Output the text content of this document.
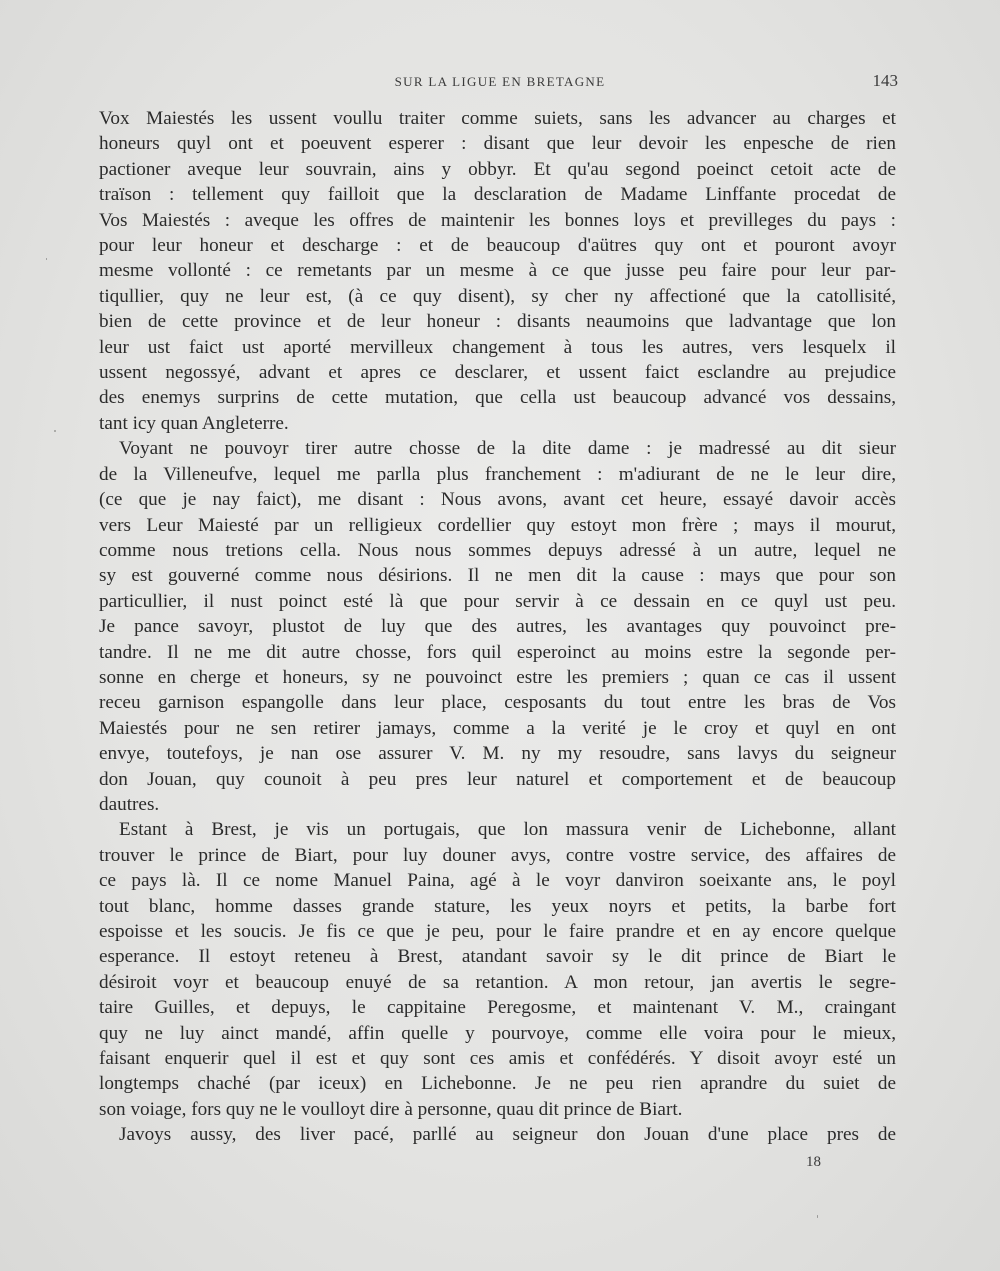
SUR LA LIGUE EN BRETAGNE	143

Vox Maiestés les ussent voullu traiter comme suiets, sans les advancer au charges et
honeurs quyl ont et poeuvent esperer : disant que leur devoir les enpesche de rien
pactioner aveque leur souvrain, ains y obbyr. Et qu'au segond poeinct cetoit acte de
traïson : tellement quy failloit que la desclaration de Madame Linffante procedat de
Vos Maiestés : aveque les offres de maintenir les bonnes loys et previlleges du pays :
pour leur honeur et descharge : et de beaucoup d'aütres quy ont et pouront avoyr
mesme vollonté : ce remetants par un mesme à ce que jusse peu faire pour leur par-
tiqullier, quy ne leur est, (à ce quy disent), sy cher ny affectioné que la catollisité,
bien de cette province et de leur honeur : disants neaumoins que ladvantage que lon
leur ust faict ust aporté mervilleux changement à tous les autres, vers lesquelx il
ussent negossyé, advant et apres ce desclarer, et ussent faict esclandre au prejudice
des enemys surprins de cette mutation, que cella ust beaucoup advancé vos dessains,
tant icy quan Angleterre.

Voyant ne pouvoyr tirer autre chosse de la dite dame : je madressé au dit sieur
de la Villeneufve, lequel me parlla plus franchement : m'adiurant de ne le leur dire,
(ce que je nay faict), me disant : Nous avons, avant cet heure, essayé davoir accès
vers Leur Maiesté par un relligieux cordellier quy estoyt mon frère ; mays il mourut,
comme nous tretions cella. Nous nous sommes depuys adressé à un autre, lequel ne
sy est gouverné comme nous désirions. Il ne men dit la cause : mays que pour son
particullier, il nust poinct esté là que pour servir à ce dessain en ce quyl ust peu.
Je pance savoyr, plustot de luy que des autres, les avantages quy pouvoinct pre-
tandre. Il ne me dit autre chosse, fors quil esperoinct au moins estre la segonde per-
sonne en cherge et honeurs, sy ne pouvoinct estre les premiers ; quan ce cas il ussent
receu garnison espangolle dans leur place, cesposants du tout entre les bras de Vos
Maiestés pour ne sen retirer jamays, comme a la verité je le croy et quyl en ont
envye, toutefoys, je nan ose assurer V. M. ny my resoudre, sans lavys du seigneur
don Jouan, quy counoit à peu pres leur naturel et comportement et de beaucoup
dautres.

Estant à Brest, je vis un portugais, que lon massura venir de Lichebonne, allant
trouver le prince de Biart, pour luy douner avys, contre vostre service, des affaires de
ce pays là. Il ce nome Manuel Paina, agé à le voyr danviron soeixante ans, le poyl
tout blanc, homme dasses grande stature, les yeux noyrs et petits, la barbe fort
espoisse et les soucis. Je fis ce que je peu, pour le faire prandre et en ay encore quelque
esperance. Il estoyt reteneu à Brest, atandant savoir sy le dit prince de Biart le
désiroit voyr et beaucoup enuyé de sa retantion. A mon retour, jan avertis le segre-
taire Guilles, et depuys, le cappitaine Peregosme, et maintenant V. M., craingant
quy ne luy ainct mandé, affin quelle y pourvoye, comme elle voira pour le mieux,
faisant enquerir quel il est et quy sont ces amis et confédérés. Y disoit avoyr esté un
longtemps chaché (par iceux) en Lichebonne. Je ne peu rien aprandre du suiet de
son voiage, fors quy ne le voulloyt dire à personne, quau dit prince de Biart.

Javoys aussy, des liver pacé, parllé au seigneur don Jouan d'une place pres de

18
